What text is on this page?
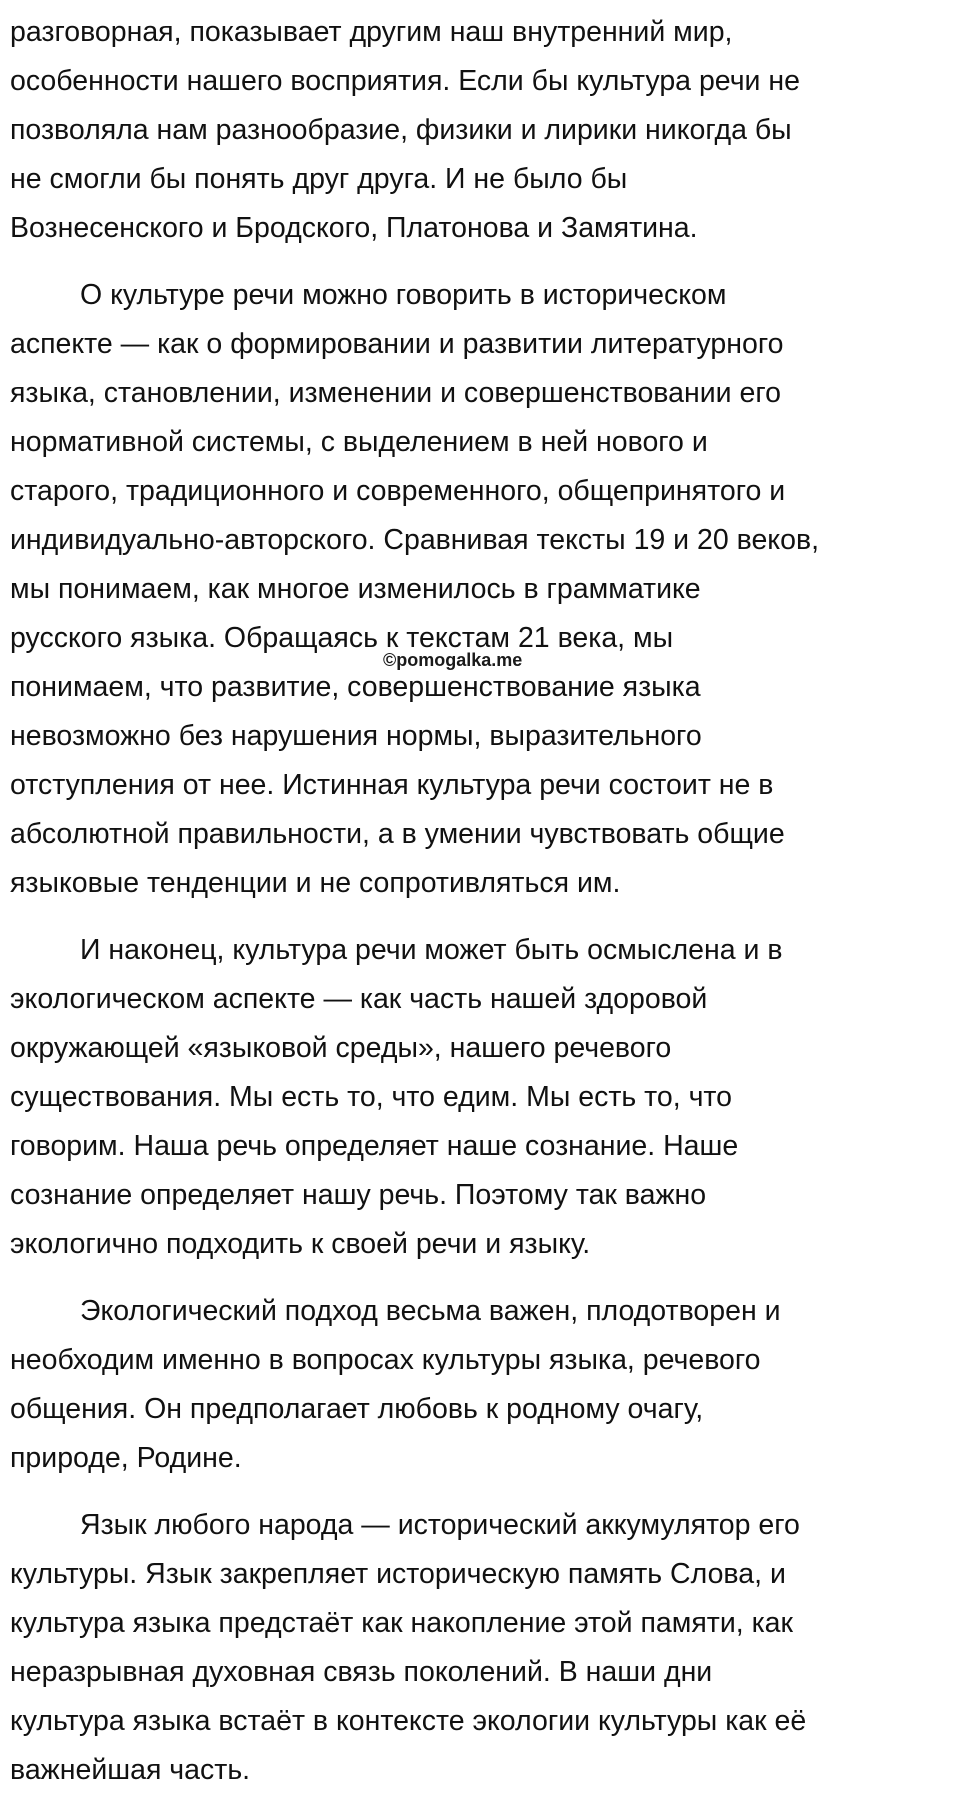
разговорная, показывает другим наш внутренний мир,
особенности нашего восприятия. Если бы культура речи не
позволяла нам разнообразие, физики и лирики никогда бы
не смогли бы понять друг друга. И не было бы
Вознесенского и Бродского, Платонова и Замятина.

О культуре речи можно говорить в историческом
аспекте — как о формировании и развитии литературного
языка, становлении, изменении и совершенствовании его
нормативной системы, с выделением в ней нового и
старого, традиционного и современного, общепринятого и
индивидуально-авторского. Сравнивая тексты 19 и 20 веков,
мы понимаем, как многое изменилось в грамматике
русского языка. Обращаясь к текстам 21 века, мы
понимаем, что развитие, совершенствование языка
невозможно без нарушения нормы, выразительного
отступления от нее. Истинная культура речи состоит не в
абсолютной правильности, а в умении чувствовать общие
языковые тенденции и не сопротивляться им.

И наконец, культура речи может быть осмыслена и в
экологическом аспекте — как часть нашей здоровой
окружающей «языковой среды», нашего речевого
существования. Мы есть то, что едим. Мы есть то, что
говорим. Наша речь определяет наше сознание. Наше
сознание определяет нашу речь. Поэтому так важно
экологично подходить к своей речи и языку.

Экологический подход весьма важен, плодотворен и
необходим именно в вопросах культуры языка, речевого
общения. Он предполагает любовь к родному очагу,
природе, Родине.

Язык любого народа — исторический аккумулятор его
культуры. Язык закрепляет историческую память Слова, и
культура языка предстаёт как накопление этой памяти, как
неразрывная духовная связь поколений. В наши дни
культура языка встаёт в контексте экологии культуры как её
важнейшая часть.

©pomogalka.me
